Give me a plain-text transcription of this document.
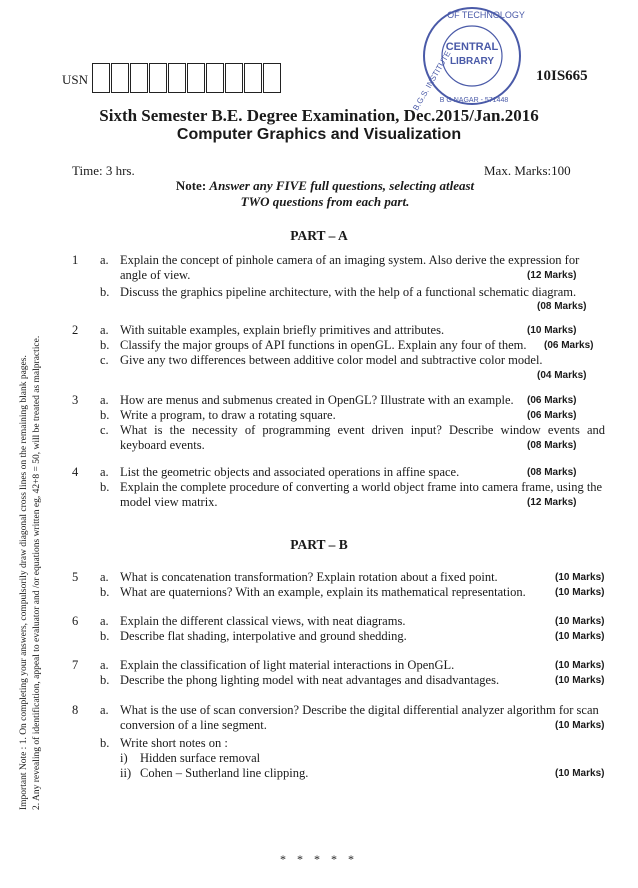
USN	10IS665
CENTRAL
LIBRARY
OF TECHNOLOGY
B.G.S. INSTITUTE
B G NAGAR - 571448
Sixth Semester B.E. Degree Examination, Dec.2015/Jan.2016
Computer Graphics and Visualization
Time: 3 hrs.	Max. Marks:100
Note: Answer any FIVE full questions, selecting atleast TWO questions from each part.
Important Note : 1. On completing your answers, compulsorily draw diagonal cross lines on the remaining blank pages. 2. Any revealing of identification, appeal to evaluator and /or equations written eg, 42+8 = 50, will be treated as malpractice.
PART – A
1 a. Explain the concept of pinhole camera of an imaging system. Also derive the expression for angle of view.	(12 Marks)
b. Discuss the graphics pipeline architecture, with the help of a functional schematic diagram.
(08 Marks)
2 a. With suitable examples, explain briefly primitives and attributes.	(10 Marks)
b. Classify the major groups of API functions in openGL. Explain any four of them.	(06 Marks)
c. Give any two differences between additive color model and subtractive color model.
(04 Marks)
3 a. How are menus and submenus created in OpenGL? Illustrate with an example.	(06 Marks)
b. Write a program, to draw a rotating square.	(06 Marks)
c. What is the necessity of programming event driven input? Describe window events and keyboard events.	(08 Marks)
4 a. List the geometric objects and associated operations in affine space.	(08 Marks)
b. Explain the complete procedure of converting a world object frame into camera frame, using the model view matrix.	(12 Marks)
PART – B
5 a. What is concatenation transformation? Explain rotation about a fixed point.	(10 Marks)
b. What are quaternions? With an example, explain its mathematical representation.	(10 Marks)
6 a. Explain the different classical views, with neat diagrams.	(10 Marks)
b. Describe flat shading, interpolative and ground shedding.	(10 Marks)
7 a. Explain the classification of light material interactions in OpenGL.	(10 Marks)
b. Describe the phong lighting model with neat advantages and disadvantages.	(10 Marks)
8 a. What is the use of scan conversion? Describe the digital differential analyzer algorithm for scan conversion of a line segment.	(10 Marks)
b. Write short notes on :
i) Hidden surface removal
ii) Cohen – Sutherland line clipping.	(10 Marks)
* * * * *
